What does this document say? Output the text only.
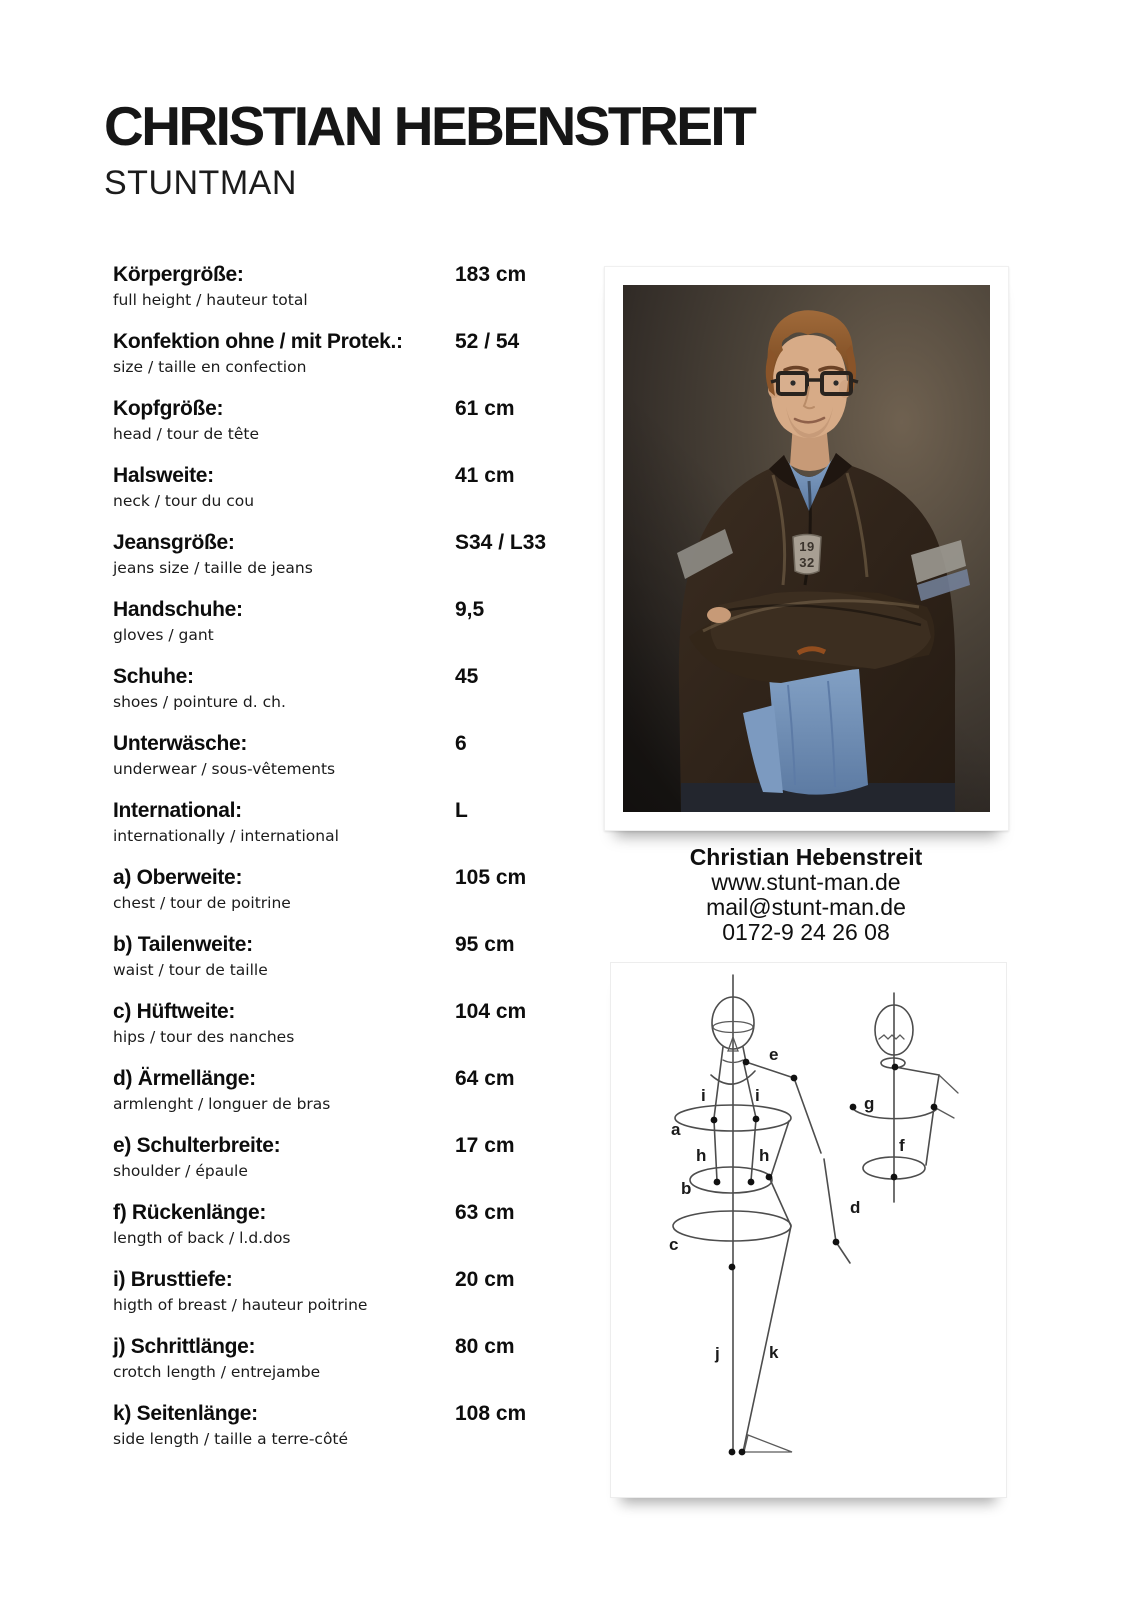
CHRISTIAN HEBENSTREIT
STUNTMAN
Körpergröße:	183 cm
full height / hauteur total
Konfektion ohne / mit Protek.: 52 / 54
size / taille en confection
Kopfgröße:	61 cm
head / tour de tête
Halsweite:	41 cm
neck / tour du cou
Jeansgröße:	S34 / L33
jeans size / taille de jeans
Handschuhe:	9,5
gloves / gant
Schuhe:	45
shoes / pointure d. ch.
Unterwäsche:	6
underwear / sous-vêtements
International:	L
internationally / international
a) Oberweite:	105 cm
chest / tour de poitrine
b) Tailenweite:	95 cm
waist / tour de taille
c) Hüftweite:	104 cm
hips / tour des nanches
d) Ärmellänge:	64 cm
armlenght / longuer de bras
e) Schulterbreite:	17 cm
shoulder / épaule
f) Rückenlänge:	63 cm
length of back / l.d.dos
i) Brusttiefe:	20 cm
higth of breast / hauteur poitrine
j) Schrittlänge:	80 cm
crotch length / entrejambe
k) Seitenlänge:	108 cm
side length / taille a terre-côté
19
32
Christian Hebenstreit
www.stunt-man.de
mail@stunt-man.de
0172-9 24 26 08
a
b
c
d
e
f
g
h	h
i	i
j	k
